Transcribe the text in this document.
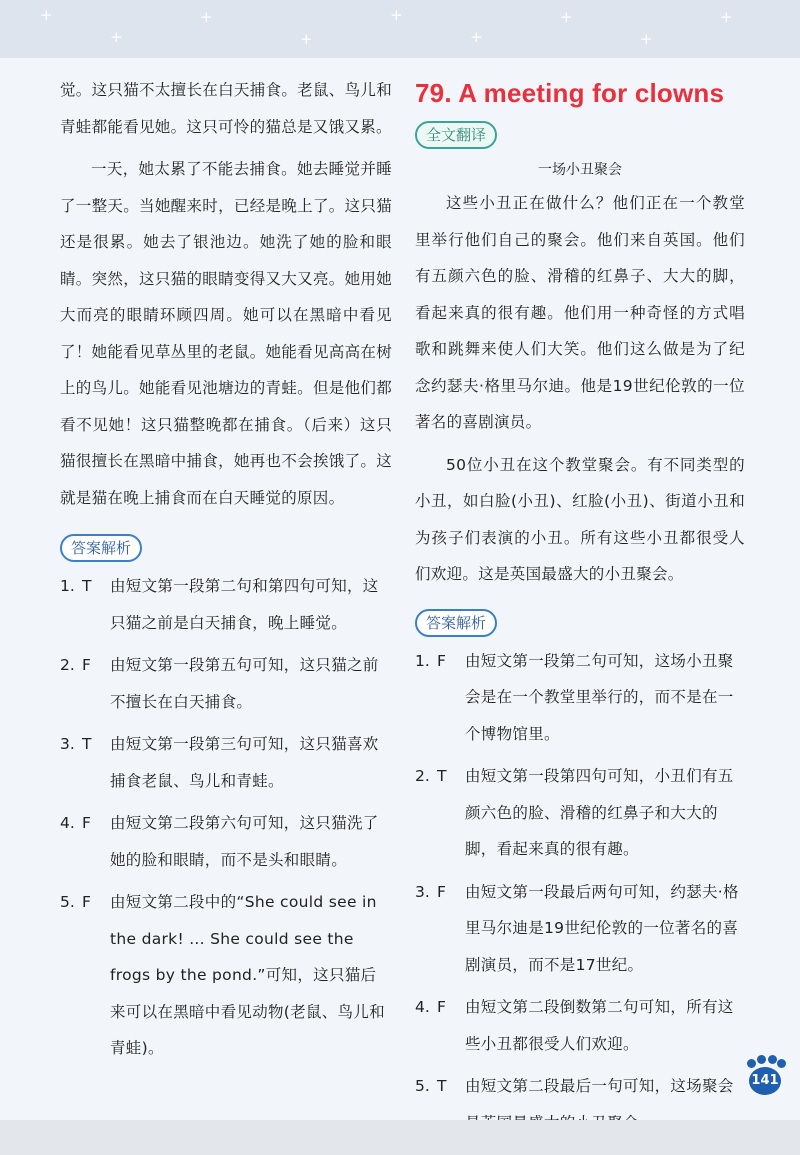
+
+
+
+
+
+
+
+
+

觉。这只猫不太擅长在白天捕食。老鼠、鸟儿和青蛙都能看见她。这只可怜的猫总是又饿又累。

一天，她太累了不能去捕食。她去睡觉并睡了一整天。当她醒来时，已经是晚上了。这只猫还是很累。她去了银池边。她洗了她的脸和眼睛。突然，这只猫的眼睛变得又大又亮。她用她大而亮的眼睛环顾四周。她可以在黑暗中看见了！她能看见草丛里的老鼠。她能看见高高在树上的鸟儿。她能看见池塘边的青蛙。但是他们都看不见她！这只猫整晚都在捕食。（后来）这只猫很擅长在黑暗中捕食，她再也不会挨饿了。这就是猫在晚上捕食而在白天睡觉的原因。

答案解析
1. T	由短文第一段第二句和第四句可知，这只猫之前是白天捕食，晚上睡觉。
2. F	由短文第一段第五句可知，这只猫之前不擅长在白天捕食。
3. T	由短文第一段第三句可知，这只猫喜欢捕食老鼠、鸟儿和青蛙。
4. F	由短文第二段第六句可知，这只猫洗了她的脸和眼睛，而不是头和眼睛。
5. F	由短文第二段中的“She could see in the dark! ... She could see the frogs by the pond.”可知，这只猫后来可以在黑暗中看见动物(老鼠、鸟儿和青蛙)。
79. A meeting for clowns
全文翻译
一场小丑聚会

这些小丑正在做什么？他们正在一个教堂里举行他们自己的聚会。他们来自英国。他们有五颜六色的脸、滑稽的红鼻子、大大的脚，看起来真的很有趣。他们用一种奇怪的方式唱歌和跳舞来使人们大笑。他们这么做是为了纪念约瑟夫·格里马尔迪。他是19世纪伦敦的一位著名的喜剧演员。

50位小丑在这个教堂聚会。有不同类型的小丑，如白脸(小丑)、红脸(小丑)、街道小丑和为孩子们表演的小丑。所有这些小丑都很受人们欢迎。这是英国最盛大的小丑聚会。

答案解析
1. F	由短文第一段第二句可知，这场小丑聚会是在一个教堂里举行的，而不是在一个博物馆里。
2. T	由短文第一段第四句可知，小丑们有五颜六色的脸、滑稽的红鼻子和大大的脚，看起来真的很有趣。
3. F	由短文第一段最后两句可知，约瑟夫·格里马尔迪是19世纪伦敦的一位著名的喜剧演员，而不是17世纪。
4. F	由短文第二段倒数第二句可知，所有这些小丑都很受人们欢迎。
5. T	由短文第二段最后一句可知，这场聚会	141
